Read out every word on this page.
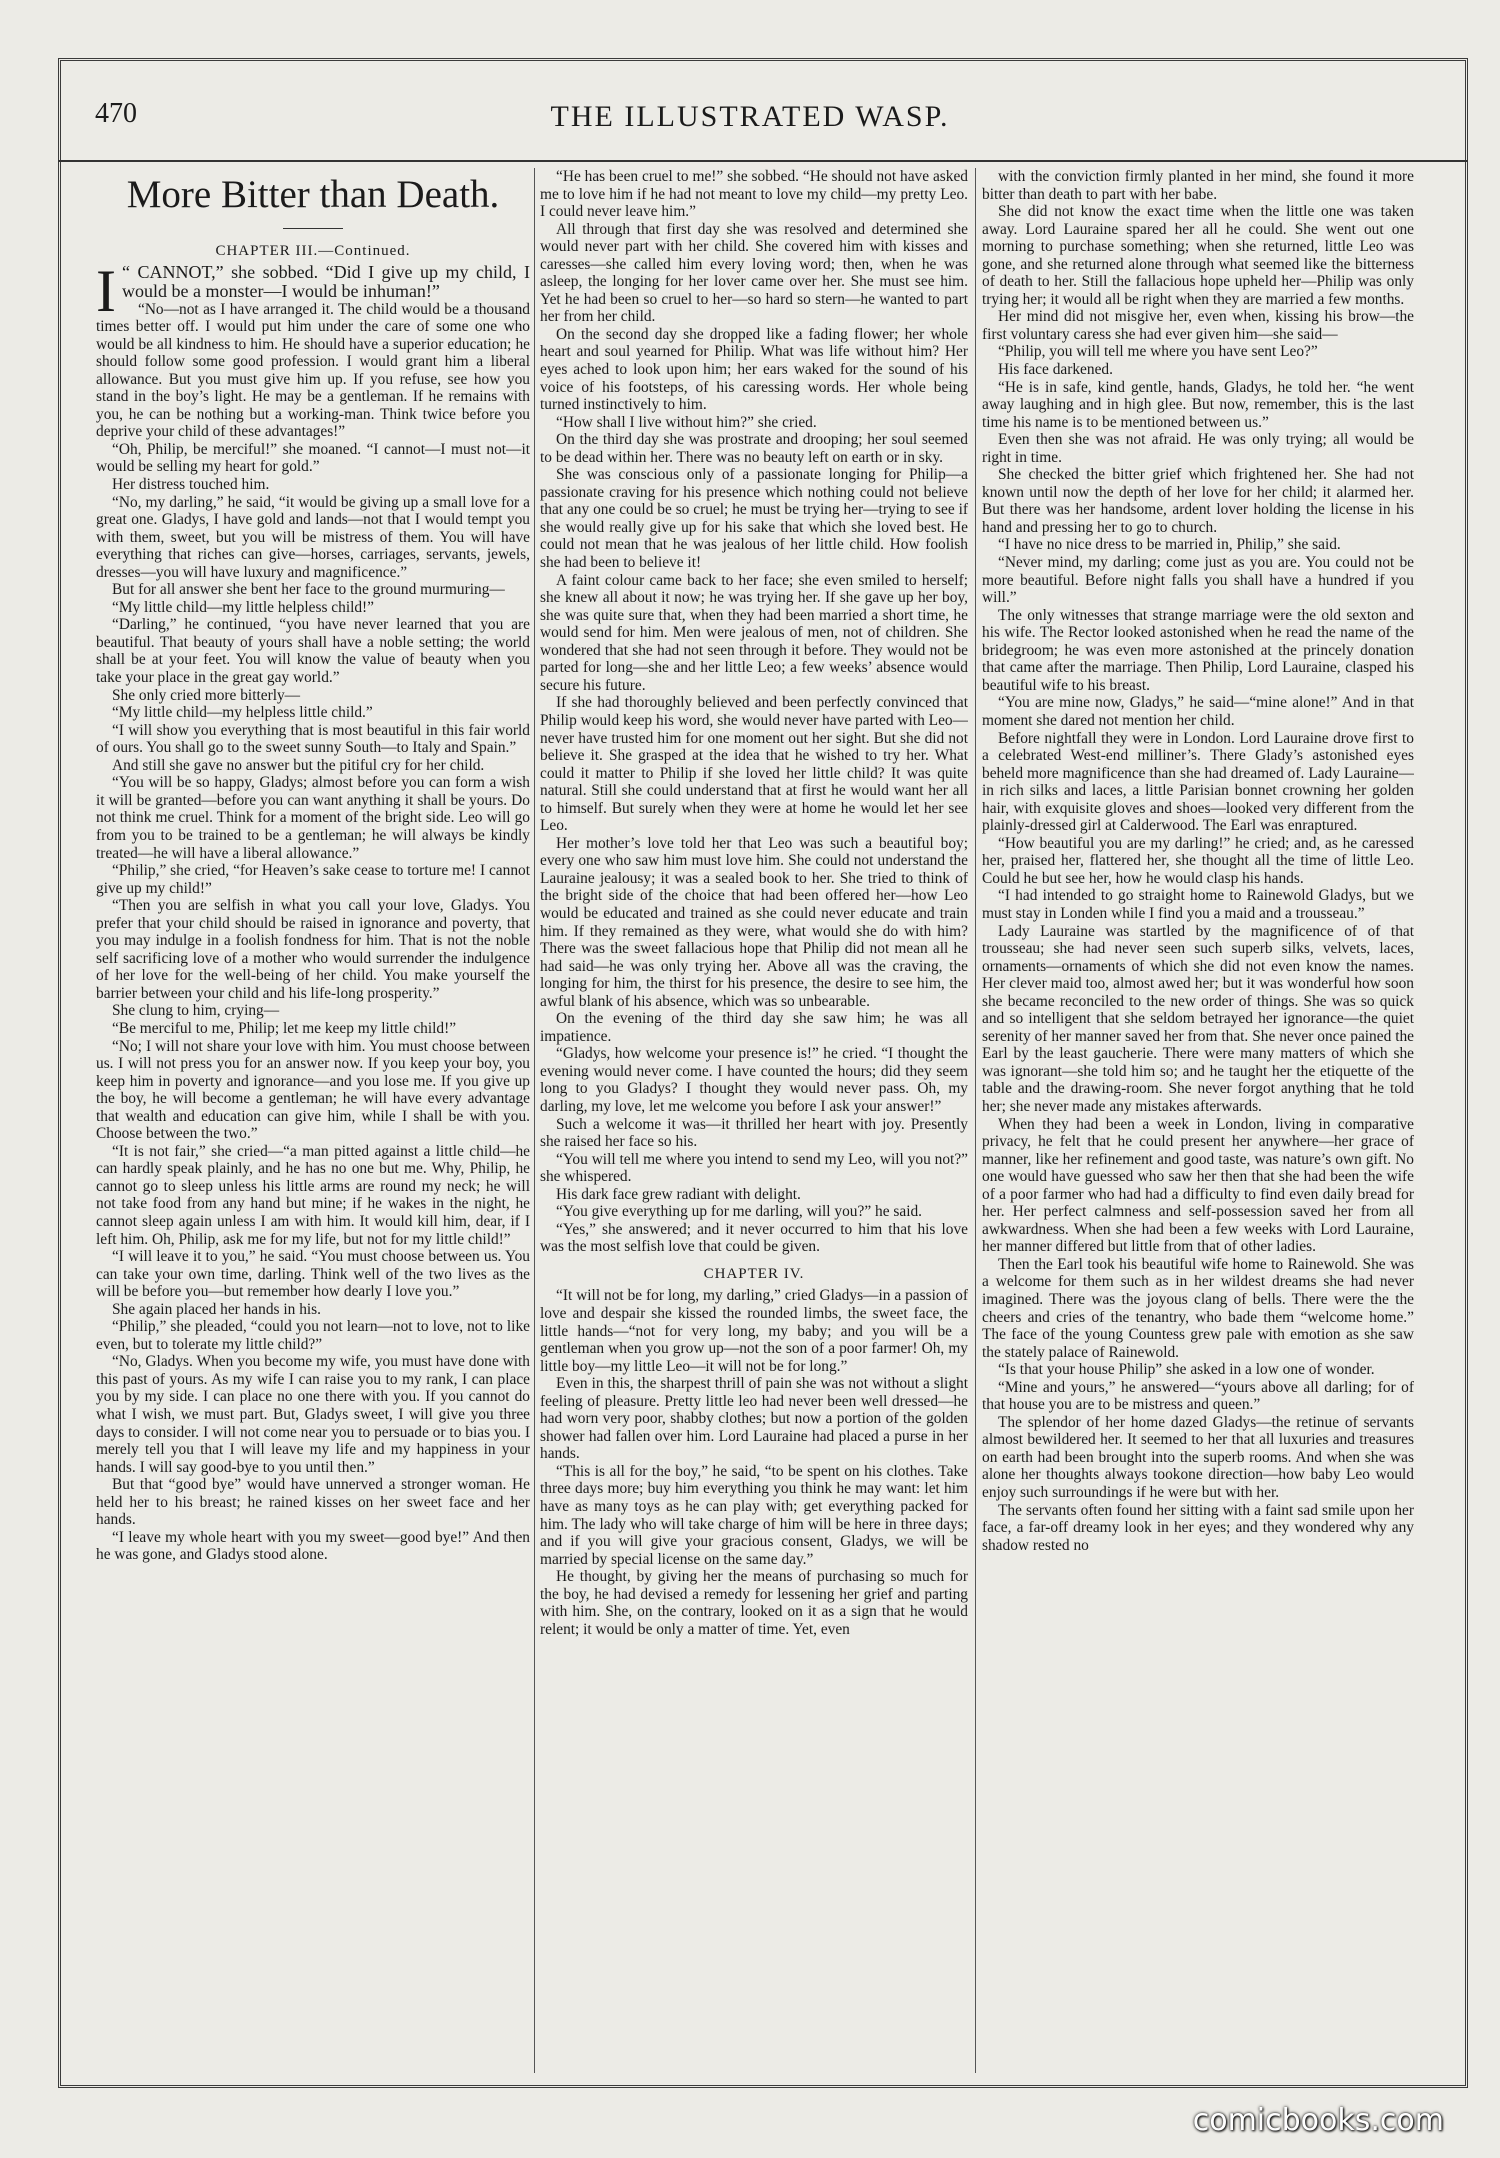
470	THE ILLUSTRATED WASP.
More Bitter than Death.
CHAPTER III.—Continued.

I “ CANNOT,” she sobbed. “Did I give up my child, I would be a monster—I would be inhuman!”

“No—not as I have arranged it. The child would be a thousand times better off. I would put him under the care of some one who would be all kindness to him. He should have a superior education; he should follow some good profession. I would grant him a liberal allowance. But you must give him up. If you refuse, see how you stand in the boy’s light. He may be a gentleman. If he remains with you, he can be nothing but a working-man. Think twice before you deprive your child of these advantages!”

“Oh, Philip, be merciful!” she moaned. “I cannot—I must not—it would be selling my heart for gold.”

Her distress touched him.

“No, my darling,” he said, “it would be giving up a small love for a great one. Gladys, I have gold and lands—not that I would tempt you with them, sweet, but you will be mistress of them. You will have everything that riches can give—horses, carriages, servants, jewels, dresses—you will have luxury and magnificence.”

But for all answer she bent her face to the ground murmuring—

“My little child—my little helpless child!”

“Darling,” he continued, “you have never learned that you are beautiful. That beauty of yours shall have a noble setting; the world shall be at your feet. You will know the value of beauty when you take your place in the great gay world.”

She only cried more bitterly—

“My little child—my helpless little child.”

“I will show you everything that is most beautiful in this fair world of ours. You shall go to the sweet sunny South—to Italy and Spain.”

And still she gave no answer but the pitiful cry for her child.

“You will be so happy, Gladys; almost before you can form a wish it will be granted—before you can want anything it shall be yours. Do not think me cruel. Think for a moment of the bright side. Leo will go from you to be trained to be a gentleman; he will always be kindly treated—he will have a liberal allowance.”

“Philip,” she cried, “for Heaven’s sake cease to torture me! I cannot give up my child!”

“Then you are selfish in what you call your love, Gladys. You prefer that your child should be raised in ignorance and poverty, that you may indulge in a foolish fondness for him. That is not the noble self sacrificing love of a mother who would surrender the indulgence of her love for the well-being of her child. You make yourself the barrier between your child and his life-long prosperity.”

She clung to him, crying—

“Be merciful to me, Philip; let me keep my little child!”

“No; I will not share your love with him. You must choose between us. I will not press you for an answer now. If you keep your boy, you keep him in poverty and ignorance—and you lose me. If you give up the boy, he will become a gentleman; he will have every advantage that wealth and education can give him, while I shall be with you. Choose between the two.”

“It is not fair,” she cried—“a man pitted against a little child—he can hardly speak plainly, and he has no one but me. Why, Philip, he cannot go to sleep unless his little arms are round my neck; he will not take food from any hand but mine; if he wakes in the night, he cannot sleep again unless I am with him. It would kill him, dear, if I left him. Oh, Philip, ask me for my life, but not for my little child!”

“I will leave it to you,” he said. “You must choose between us. You can take your own time, darling. Think well of the two lives as the will be before you—but remember how dearly I love you.”

She again placed her hands in his.

“Philip,” she pleaded, “could you not learn—not to love, not to like even, but to tolerate my little child?”

“No, Gladys. When you become my wife, you must have done with this past of yours. As my wife I can raise you to my rank, I can place you by my side. I can place no one there with you. If you cannot do what I wish, we must part. But, Gladys sweet, I will give you three days to consider. I will not come near you to persuade or to bias you. I merely tell you that I will leave my life and my happiness in your hands. I will say good-bye to you until then.”

But that “good bye” would have unnerved a stronger woman. He held her to his breast; he rained kisses on her sweet face and her hands.

“I leave my whole heart with you my sweet—good bye!” And then he was gone, and Gladys stood alone.

“He has been cruel to me!” she sobbed. “He should not have asked me to love him if he had not meant to love my child—my pretty Leo. I could never leave him.”

All through that first day she was resolved and determined she would never part with her child. She covered him with kisses and caresses—she called him every loving word; then, when he was asleep, the longing for her lover came over her. She must see him. Yet he had been so cruel to her—so hard so stern—he wanted to part her from her child.

On the second day she dropped like a fading flower; her whole heart and soul yearned for Philip. What was life without him? Her eyes ached to look upon him; her ears waked for the sound of his voice of his footsteps, of his caressing words. Her whole being turned instinctively to him.

“How shall I live without him?” she cried.

On the third day she was prostrate and drooping; her soul seemed to be dead within her. There was no beauty left on earth or in sky.

She was conscious only of a passionate longing for Philip—a passionate craving for his presence which nothing could not believe that any one could be so cruel; he must be trying her—trying to see if she would really give up for his sake that which she loved best. He could not mean that he was jealous of her little child. How foolish she had been to believe it!

A faint colour came back to her face; she even smiled to herself; she knew all about it now; he was trying her. If she gave up her boy, she was quite sure that, when they had been married a short time, he would send for him. Men were jealous of men, not of children. She wondered that she had not seen through it before. They would not be parted for long—she and her little Leo; a few weeks’ absence would secure his future.

If she had thoroughly believed and been perfectly convinced that Philip would keep his word, she would never have parted with Leo—never have trusted him for one moment out her sight. But she did not believe it. She grasped at the idea that he wished to try her. What could it matter to Philip if she loved her little child? It was quite natural. Still she could understand that at first he would want her all to himself. But surely when they were at home he would let her see Leo.

Her mother’s love told her that Leo was such a beautiful boy; every one who saw him must love him. She could not understand the Lauraine jealousy; it was a sealed book to her. She tried to think of the bright side of the choice that had been offered her—how Leo would be educated and trained as she could never educate and train him. If they remained as they were, what would she do with him? There was the sweet fallacious hope that Philip did not mean all he had said—he was only trying her. Above all was the craving, the longing for him, the thirst for his presence, the desire to see him, the awful blank of his absence, which was so unbearable.

On the evening of the third day she saw him; he was all impatience.

“Gladys, how welcome your presence is!” he cried. “I thought the evening would never come. I have counted the hours; did they seem long to you Gladys? I thought they would never pass. Oh, my darling, my love, let me welcome you before I ask your answer!”

Such a welcome it was—it thrilled her heart with joy. Presently she raised her face so his.

“You will tell me where you intend to send my Leo, will you not?” she whispered.

His dark face grew radiant with delight.

“You give everything up for me darling, will you?” he said.

“Yes,” she answered; and it never occurred to him that his love was the most selfish love that could be given.

CHAPTER IV.

“It will not be for long, my darling,” cried Gladys—in a passion of love and despair she kissed the rounded limbs, the sweet face, the little hands—“not for very long, my baby; and you will be a gentleman when you grow up—not the son of a poor farmer! Oh, my little boy—my little Leo—it will not be for long.”

Even in this, the sharpest thrill of pain she was not without a slight feeling of pleasure. Pretty little leo had never been well dressed—he had worn very poor, shabby clothes; but now a portion of the golden shower had fallen over him. Lord Lauraine had placed a purse in her hands.

“This is all for the boy,” he said, “to be spent on his clothes. Take three days more; buy him everything you think he may want: let him have as many toys as he can play with; get everything packed for him. The lady who will take charge of him will be here in three days; and if you will give your gracious consent, Gladys, we will be married by special license on the same day.”

He thought, by giving her the means of purchasing so much for the boy, he had devised a remedy for lessening her grief and parting with him. She, on the contrary, looked on it as a sign that he would relent; it would be only a matter of time. Yet, even

with the conviction firmly planted in her mind, she found it more bitter than death to part with her babe.

She did not know the exact time when the little one was taken away. Lord Lauraine spared her all he could. She went out one morning to purchase something; when she returned, little Leo was gone, and she returned alone through what seemed like the bitterness of death to her. Still the fallacious hope upheld her—Philip was only trying her; it would all be right when they are married a few months.

Her mind did not misgive her, even when, kissing his brow—the first voluntary caress she had ever given him—she said—

“Philip, you will tell me where you have sent Leo?”

His face darkened.

“He is in safe, kind gentle, hands, Gladys, he told her. “he went away laughing and in high glee. But now, remember, this is the last time his name is to be mentioned between us.”

Even then she was not afraid. He was only trying; all would be right in time.

She checked the bitter grief which frightened her. She had not known until now the depth of her love for her child; it alarmed her. But there was her handsome, ardent lover holding the license in his hand and pressing her to go to church.

“I have no nice dress to be married in, Philip,” she said.

“Never mind, my darling; come just as you are. You could not be more beautiful. Before night falls you shall have a hundred if you will.”

The only witnesses that strange marriage were the old sexton and his wife. The Rector looked astonished when he read the name of the bridegroom; he was even more astonished at the princely donation that came after the marriage. Then Philip, Lord Lauraine, clasped his beautiful wife to his breast.

“You are mine now, Gladys,” he said—“mine alone!” And in that moment she dared not mention her child.

Before nightfall they were in London. Lord Lauraine drove first to a celebrated West-end milliner’s. There Glady’s astonished eyes beheld more magnificence than she had dreamed of. Lady Lauraine—in rich silks and laces, a little Parisian bonnet crowning her golden hair, with exquisite gloves and shoes—looked very different from the plainly-dressed girl at Calderwood. The Earl was enraptured.

“How beautiful you are my darling!” he cried; and, as he caressed her, praised her, flattered her, she thought all the time of little Leo. Could he but see her, how he would clasp his hands.

“I had intended to go straight home to Rainewold Gladys, but we must stay in Londen while I find you a maid and a trousseau.”

Lady Lauraine was startled by the magnificence of of that trousseau; she had never seen such superb silks, velvets, laces, ornaments—ornaments of which she did not even know the names. Her clever maid too, almost awed her; but it was wonderful how soon she became reconciled to the new order of things. She was so quick and so intelligent that she seldom betrayed her ignorance—the quiet serenity of her manner saved her from that. She never once pained the Earl by the least gaucherie. There were many matters of which she was ignorant—she told him so; and he taught her the etiquette of the table and the drawing-room. She never forgot anything that he told her; she never made any mistakes afterwards.

When they had been a week in London, living in comparative privacy, he felt that he could present her anywhere—her grace of manner, like her refinement and good taste, was nature’s own gift. No one would have guessed who saw her then that she had been the wife of a poor farmer who had had a difficulty to find even daily bread for her. Her perfect calmness and self-possession saved her from all awkwardness. When she had been a few weeks with Lord Lauraine, her manner differed but little from that of other ladies.

Then the Earl took his beautiful wife home to Rainewold. She was a welcome for them such as in her wildest dreams she had never imagined. There was the joyous clang of bells. There were the the cheers and cries of the tenantry, who bade them “welcome home.” The face of the young Countess grew pale with emotion as she saw the stately palace of Rainewold.

“Is that your house Philip” she asked in a low one of wonder.

“Mine and yours,” he answered—“yours above all darling; for of that house you are to be mistress and queen.”

The splendor of her home dazed Gladys—the retinue of servants almost bewildered her. It seemed to her that all luxuries and treasures on earth had been brought into the superb rooms. And when she was alone her thoughts always tookone direction—how baby Leo would enjoy such surroundings if he were but with her.

The servants often found her sitting with a faint sad smile upon her face, a far-off dreamy look in her eyes; and they wondered why any shadow rested no

comicbooks.com
